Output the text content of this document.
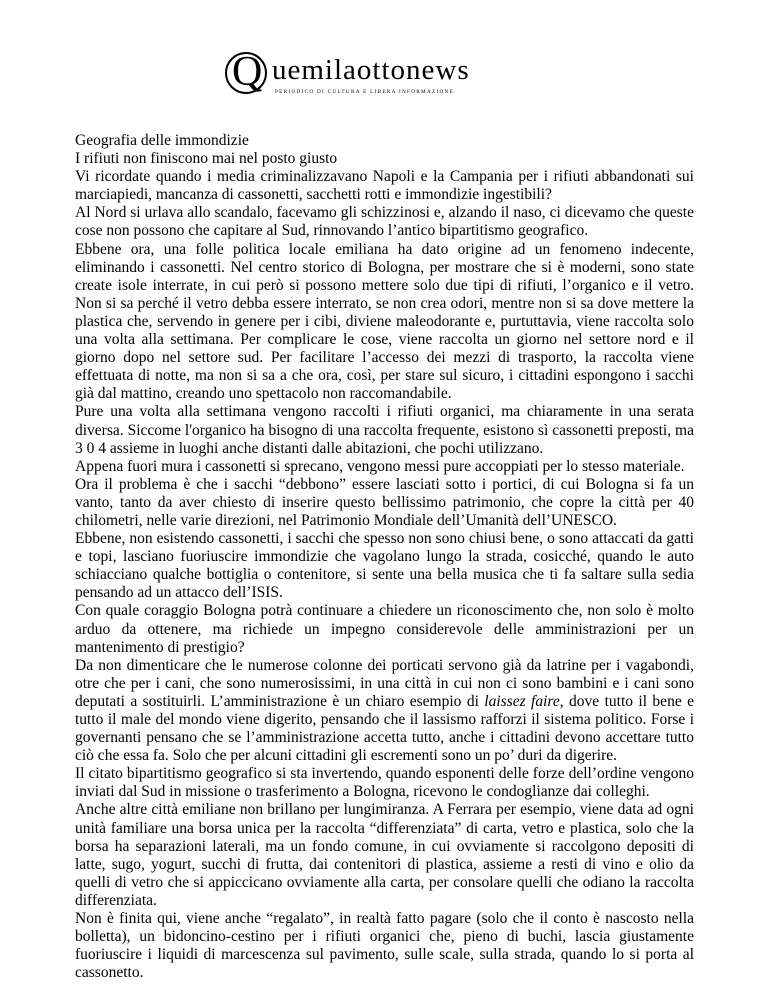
Q uemilaottonews
PERIODICO DI CULTURA E LIBERA INFORMAZIONE

Geografia delle immondizie

I rifiuti non finiscono mai nel posto giusto

Vi ricordate quando i media criminalizzavano Napoli e la Campania per i rifiuti abbandonati sui marciapiedi, mancanza di cassonetti, sacchetti rotti e immondizie ingestibili?

Al Nord si urlava allo scandalo, facevamo gli schizzinosi e, alzando il naso, ci dicevamo che queste cose non possono che capitare al Sud, rinnovando l’antico bipartitismo geografico.

Ebbene ora, una folle politica locale emiliana ha dato origine ad un fenomeno indecente, eliminando i cassonetti. Nel centro storico di Bologna, per mostrare che si è moderni, sono state create isole interrate, in cui però si possono mettere solo due tipi di rifiuti, l’organico e il vetro. Non si sa perché il vetro debba essere interrato, se non crea odori, mentre non si sa dove mettere la plastica che, servendo in genere per i cibi, diviene maleodorante e, purtuttavia, viene raccolta solo una volta alla settimana. Per complicare le cose, viene raccolta un giorno nel settore nord e il giorno dopo nel settore sud. Per facilitare l’accesso dei mezzi di trasporto, la raccolta viene effettuata di notte, ma non si sa a che ora, così, per stare sul sicuro, i cittadini espongono i sacchi già dal mattino, creando uno spettacolo non raccomandabile.

Pure una volta alla settimana vengono raccolti i rifiuti organici, ma chiaramente in una serata diversa. Siccome l'organico ha bisogno di una raccolta frequente, esistono sì cassonetti preposti, ma 3 0 4 assieme in luoghi anche distanti dalle abitazioni, che pochi utilizzano.

Appena fuori mura i cassonetti si sprecano, vengono messi pure accoppiati per lo stesso materiale.

Ora il problema è che i sacchi “debbono” essere lasciati sotto i portici, di cui Bologna si fa un vanto, tanto da aver chiesto di inserire questo bellissimo patrimonio, che copre la città per 40 chilometri, nelle varie direzioni, nel Patrimonio Mondiale dell’Umanità dell’UNESCO.

Ebbene, non esistendo cassonetti, i sacchi che spesso non sono chiusi bene, o sono attaccati da gatti e topi, lasciano fuoriuscire immondizie che vagolano lungo la strada, cosicché, quando le auto schiacciano qualche bottiglia o contenitore, si sente una bella musica che ti fa saltare sulla sedia pensando ad un attacco dell’ISIS.

Con quale coraggio Bologna potrà continuare a chiedere un riconoscimento che, non solo è molto arduo da ottenere, ma richiede un impegno considerevole delle amministrazioni per un mantenimento di prestigio?

Da non dimenticare che le numerose colonne dei porticati servono già da latrine per i vagabondi, otre che per i cani, che sono numerosissimi, in una città in cui non ci sono bambini e i cani sono deputati a sostituirli. L’amministrazione è un chiaro esempio di laissez faire, dove tutto il bene e tutto il male del mondo viene digerito, pensando che il lassismo rafforzi il sistema politico. Forse i governanti pensano che se l’amministrazione accetta tutto, anche i cittadini devono accettare tutto ciò che essa fa. Solo che per alcuni cittadini gli escrementi sono un po’ duri da digerire.

Il citato bipartitismo geografico si sta invertendo, quando esponenti delle forze dell’ordine vengono inviati dal Sud in missione o trasferimento a Bologna, ricevono le condoglianze dai colleghi.

Anche altre città emiliane non brillano per lungimiranza. A Ferrara per esempio, viene data ad ogni unità familiare una borsa unica per la raccolta “differenziata” di carta, vetro e plastica, solo che la borsa ha separazioni laterali, ma un fondo comune, in cui ovviamente si raccolgono depositi di latte, sugo, yogurt, succhi di frutta, dai contenitori di plastica, assieme a resti di vino e olio da quelli di vetro che si appiccicano ovviamente alla carta, per consolare quelli che odiano la raccolta differenziata.

Non è finita qui, viene anche “regalato”, in realtà fatto pagare (solo che il conto è nascosto nella bolletta), un bidoncino-cestino per i rifiuti organici che, pieno di buchi, lascia giustamente fuoriuscire i liquidi di marcescenza sul pavimento, sulle scale, sulla strada, quando lo si porta al cassonetto.
